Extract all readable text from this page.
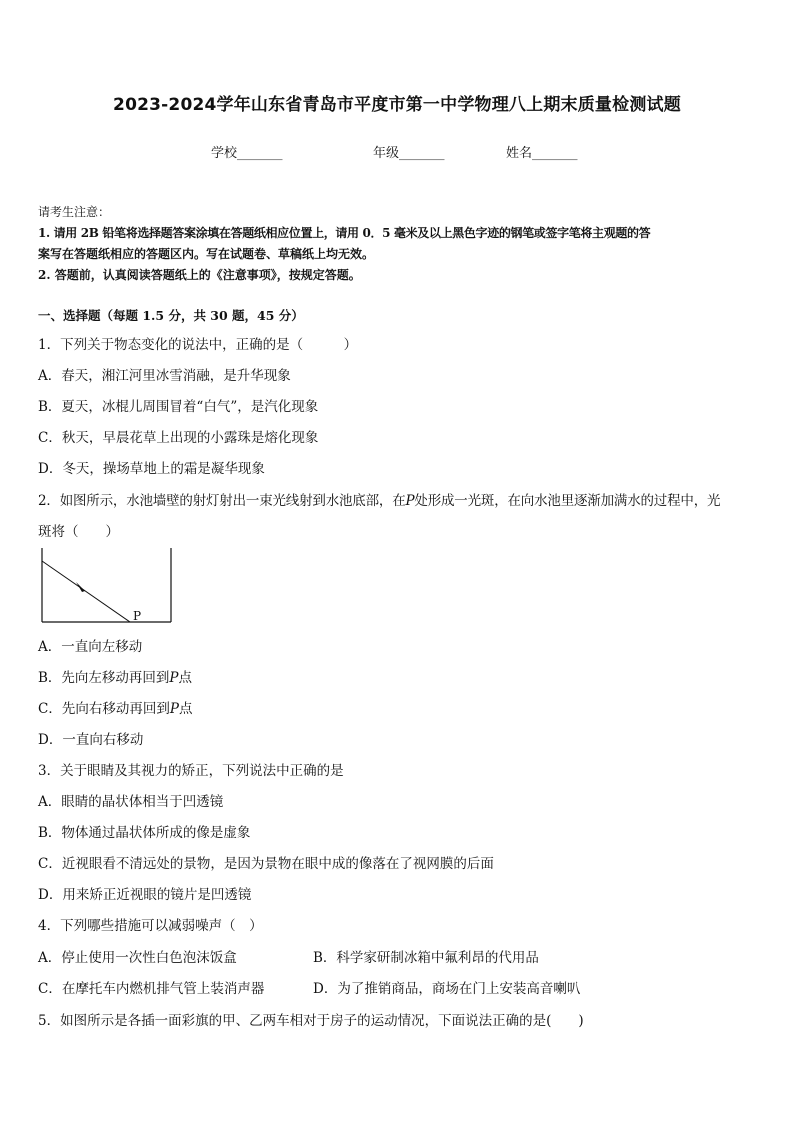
2023-2024学年山东省青岛市平度市第一中学物理八上期末质量检测试题
学校_______	年级_______	姓名_______
请考生注意：
1. 请用 2B 铅笔将选择题答案涂填在答题纸相应位置上，请用 0．5 毫米及以上黑色字迹的钢笔或签字笔将主观题的答
案写在答题纸相应的答题区内。写在试题卷、草稿纸上均无效。
2. 答题前，认真阅读答题纸上的《注意事项》，按规定答题。
一、选择题（每题 1.5 分，共 30 题，45 分）
1．下列关于物态变化的说法中，正确的是（　　　）
A．春天，湘江河里冰雪消融，是升华现象
B．夏天，冰棍儿周围冒着“白气”，是汽化现象
C．秋天，早晨花草上出现的小露珠是熔化现象
D．冬天，操场草地上的霜是凝华现象
2．如图所示，水池墙壁的射灯射出一束光线射到水池底部，在P处形成一光斑，在向水池里逐渐加满水的过程中，光
斑将（　　）
P
A．一直向左移动
B．先向左移动再回到P点
C．先向右移动再回到P点
D．一直向右移动
3．关于眼睛及其视力的矫正，下列说法中正确的是
A．眼睛的晶状体相当于凹透镜
B．物体通过晶状体所成的像是虚象
C．近视眼看不清远处的景物，是因为景物在眼中成的像落在了视网膜的后面
D．用来矫正近视眼的镜片是凹透镜
4．下列哪些措施可以减弱噪声（　）
A．停止使用一次性白色泡沫饭盒	B．科学家研制冰箱中氟利昂的代用品
C．在摩托车内燃机排气管上装消声器	D．为了推销商品，商场在门上安装高音喇叭
5．如图所示是各插一面彩旗的甲、乙两车相对于房子的运动情况，下面说法正确的是(　　)
